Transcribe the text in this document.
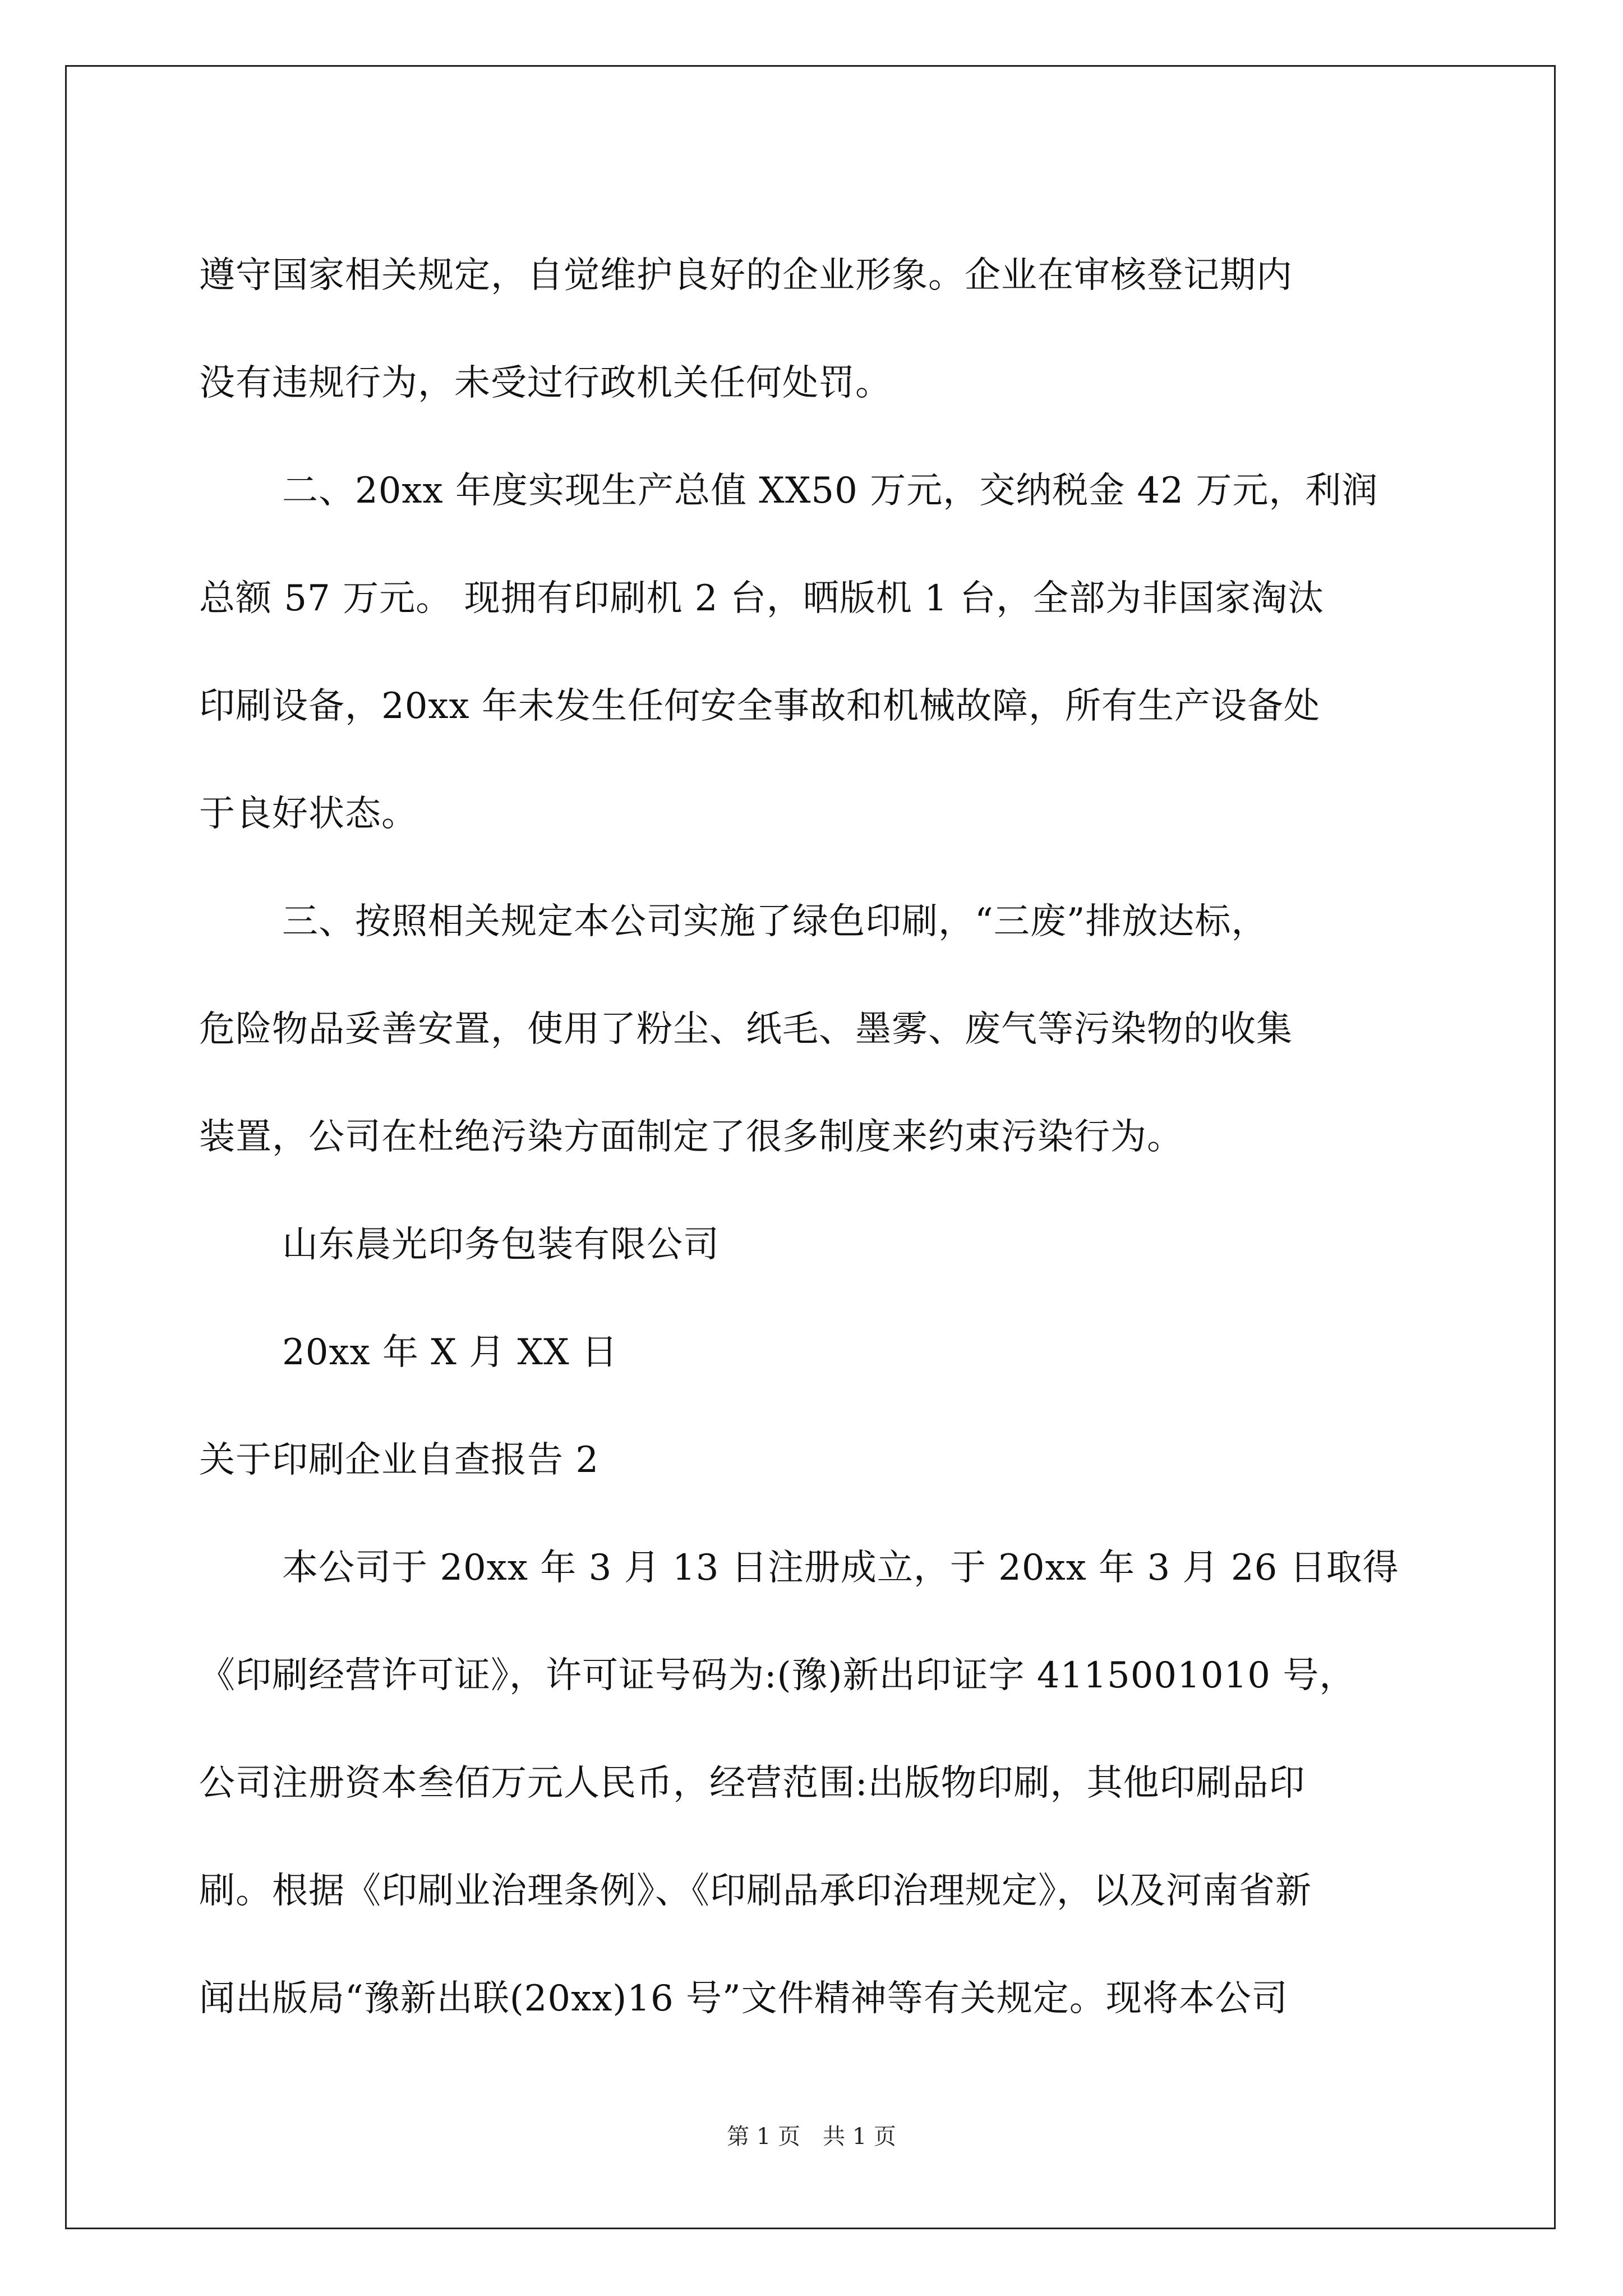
遵守国家相关规定，自觉维护良好的企业形象。企业在审核登记期内
没有违规行为，未受过行政机关任何处罚。

二、20xx 年度实现生产总值 XX50 万元，交纳税金 42 万元，利润
总额 57 万元。 现拥有印刷机 2 台，晒版机 1 台，全部为非国家淘汰
印刷设备，20xx 年未发生任何安全事故和机械故障，所有生产设备处
于良好状态。

三、按照相关规定本公司实施了绿色印刷，“三废”排放达标，
危险物品妥善安置，使用了粉尘、纸毛、墨雾、废气等污染物的收集
装置，公司在杜绝污染方面制定了很多制度来约束污染行为。

山东晨光印务包装有限公司

20xx 年 X 月 XX 日

关于印刷企业自查报告 2

本公司于 20xx 年 3 月 13 日注册成立，于 20xx 年 3 月 26 日取得
《印刷经营许可证》，许可证号码为:(豫)新出印证字 4115001010 号，
公司注册资本叁佰万元人民币，经营范围:出版物印刷，其他印刷品印
刷。根据《印刷业治理条例》、《印刷品承印治理规定》，以及河南省新
闻出版局“豫新出联(20xx)16 号”文件精神等有关规定。现将本公司

第 1 页　共 1 页
